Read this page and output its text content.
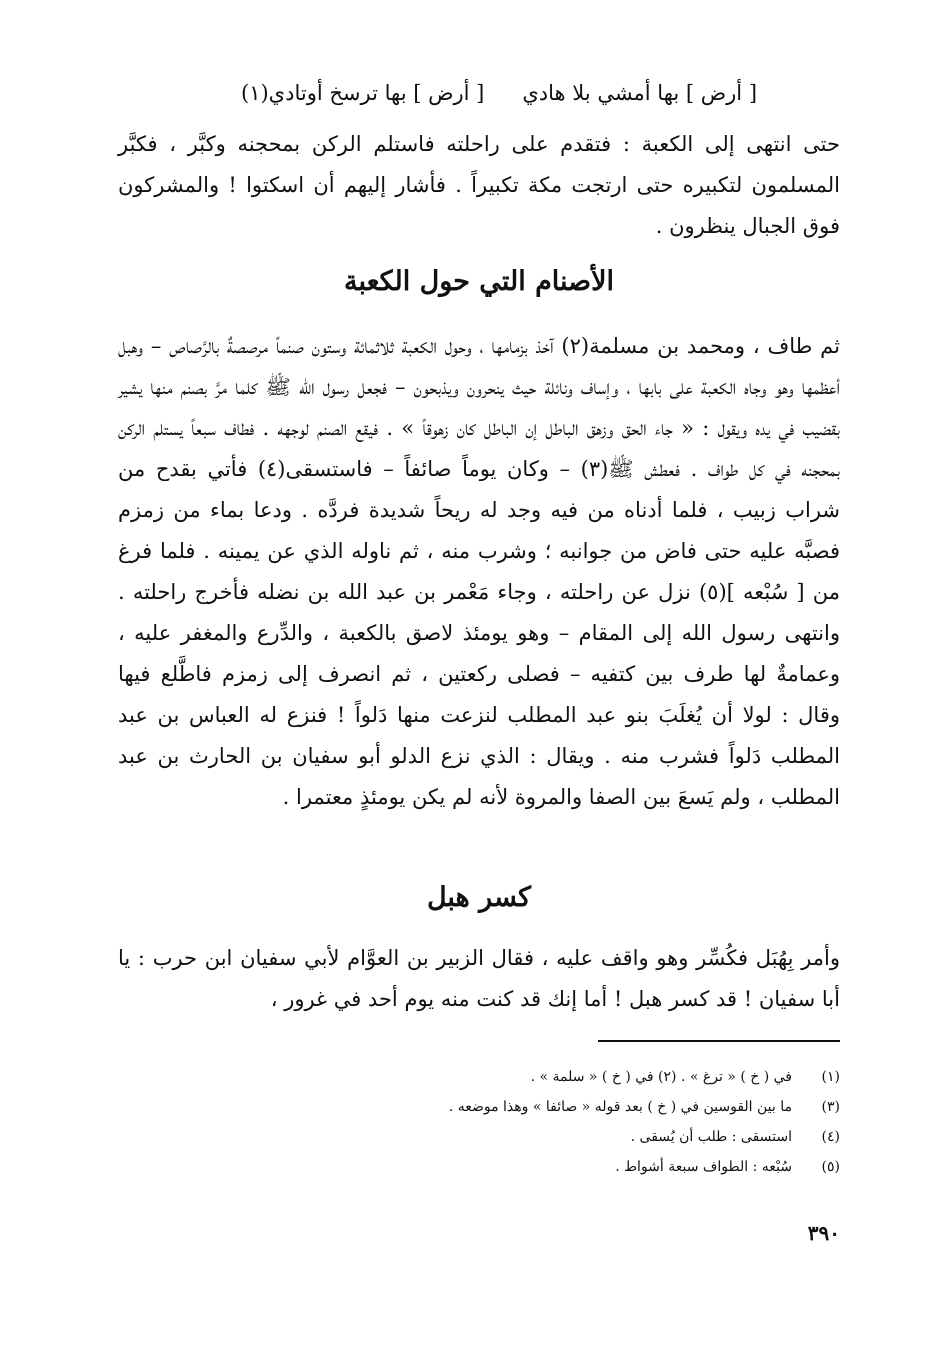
[ أرض ] بها أمشي بلا هادي
[ أرض ] بها ترسخ أوتادي(١)

حتى انتهى إلى الكعبة : فتقدم على راحلته فاستلم الركن بمحجنه وكبَّر ، فكبَّر المسلمون لتكبيره حتى ارتجت مكة تكبيراً . فأشار إليهم أن اسكتوا ! والمشركون فوق الجبال ينظرون .

الأصنام التي حول الكعبة

ثم طاف ، ومحمد بن مسلمة(٢) آخذ بزمامها ، وحول الكعبة ثلاثمائة وستون صنماً مرصصةٌ بالرَّصاص – وهبل أعظمها وهو وجاه الكعبة على بابها ، وإساف ونائلة حيث ينحرون ويذبحون – فجعل رسول الله ﷺ كلما مرَّ بصنم منها يشير بقضيب في يده ويقول : « جاء الحق وزهق الباطل إن الباطل كان زهوقاً » . فيقع الصنم لوجهه . فطاف سبعاً يستلم الركن بمحجنه في كل طواف . فعطش ﷺ(٣) – وكان يوماً صائفاً – فاستسقى(٤) فأتي بقدح من شراب زبيب ، فلما أدناه من فيه وجد له ريحاً شديدة فردَّه . ودعا بماء من زمزم فصبَّه عليه حتى فاض من جوانبه ؛ وشرب منه ، ثم ناوله الذي عن يمينه . فلما فرغ من [ سُبْعه ](٥) نزل عن راحلته ، وجاء مَعْمر بن عبد الله بن نضله فأخرج راحلته . وانتهى رسول الله إلى المقام – وهو يومئذ لاصق بالكعبة ، والدِّرع والمغفر عليه ، وعمامةٌ لها طرف بين كتفيه – فصلى ركعتين ، ثم انصرف إلى زمزم فاطَّلع فيها وقال : لولا أن يُغلَبَ بنو عبد المطلب لنزعت منها دَلواً ! فنزع له العباس بن عبد المطلب دَلواً فشرب منه . ويقال : الذي نزع الدلو أبو سفيان بن الحارث بن عبد المطلب ، ولم يَسعَ بين الصفا والمروة لأنه لم يكن يومئذٍ معتمرا .

كسر هبل

وأمر بِهُبَل فكُسِّر وهو واقف عليه ، فقال الزبير بن العوَّام لأبي سفيان ابن حرب : يا أبا سفيان ! قد كسر هبل ! أما إنك قد كنت منه يوم أحد في غرور ،

(١)
في ( خ ) « ترغ » . (٢) في ( خ ) « سلمة » .
(٣)
ما بين القوسين في ( خ ) بعد قوله « صائفا » وهذا موضعه .
(٤)
استسقى : طلب أن يُسقى .
(٥)
سُبْعه : الطواف سبعة أشواط .
٣٩٠
